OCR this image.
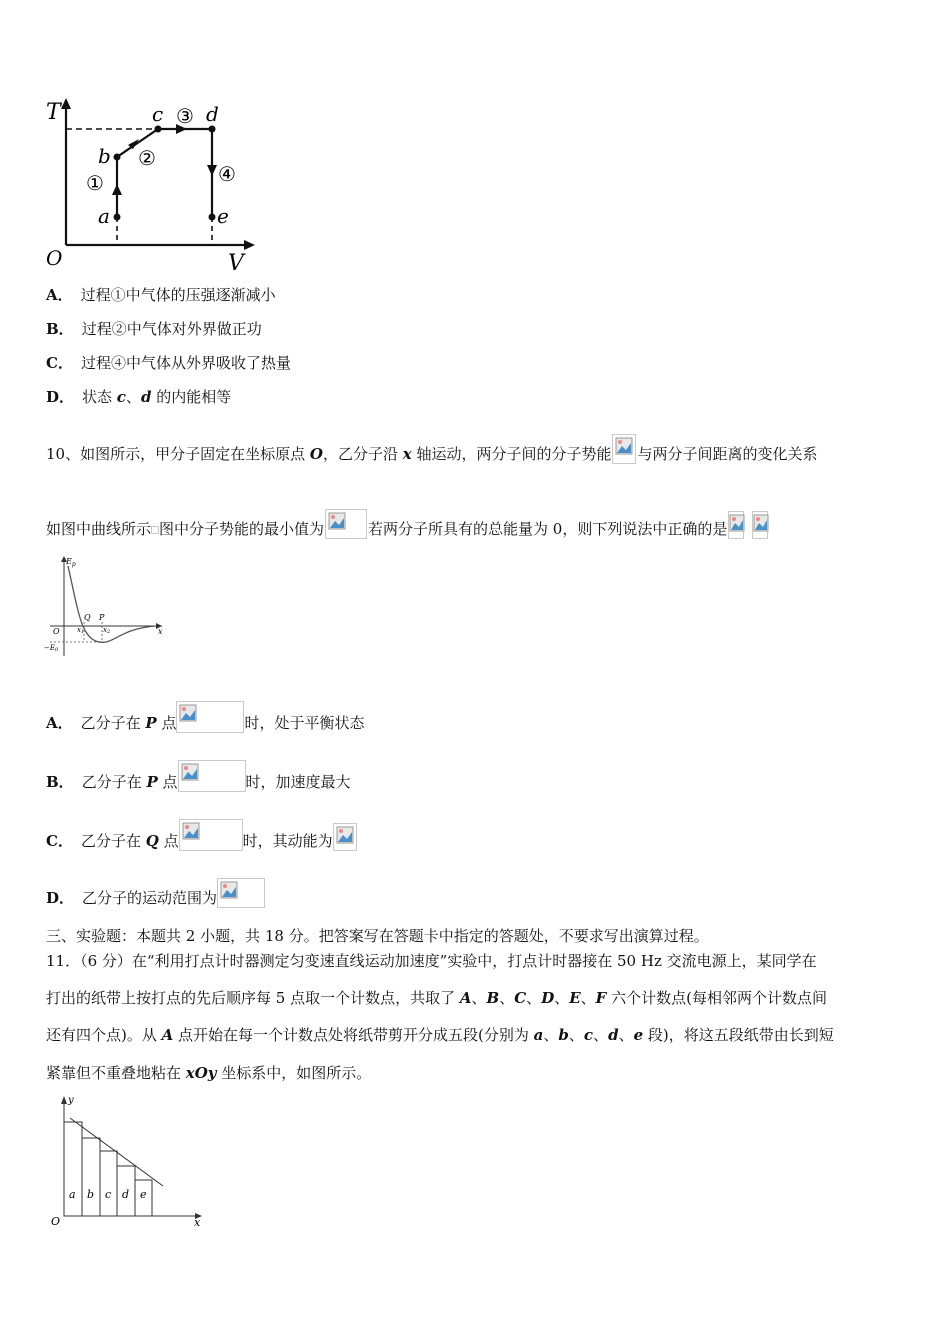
T
V
O
a
b
c d
e
①
②
③
④
A． 过程①中气体的压强逐渐减小
B． 过程②中气体对外界做正功
C． 过程④中气体从外界吸收了热量
D． 状态 c、d 的内能相等
10、如图所示，甲分子固定在坐标原点 O，乙分子沿 x 轴运动，两分子间的分子势能 与两分子间距离的变化关系
如图中曲线所示 图中分子势能的最小值为	若两分子所具有的总能量为 0，则下列说法中正确的是
$E_p$
O	x
Q P
x1	x2
−E0
A． 乙分子在 P 点	时，处于平衡状态
B． 乙分子在 P 点	时，加速度最大
C． 乙分子在 Q 点	时，其动能为
D． 乙分子的运动范围为
三、实验题：本题共 2 小题，共 18 分。把答案写在答题卡中指定的答题处，不要求写出演算过程。
11．（6 分）在“利用打点计时器测定匀变速直线运动加速度”实验中，打点计时器接在 50 Hz 交流电源上，某同学在
打出的纸带上按打点的先后顺序每 5 点取一个计数点，共取了 A、B、C、D、E、F 六个计数点(每相邻两个计数点间
还有四个点)。从 A 点开始在每一个计数点处将纸带剪开分成五段(分别为 a、b、c、d、e 段)，将这五段纸带由长到短
紧靠但不重叠地粘在 xOy 坐标系中，如图所示。
y
O	x
a b c d e
